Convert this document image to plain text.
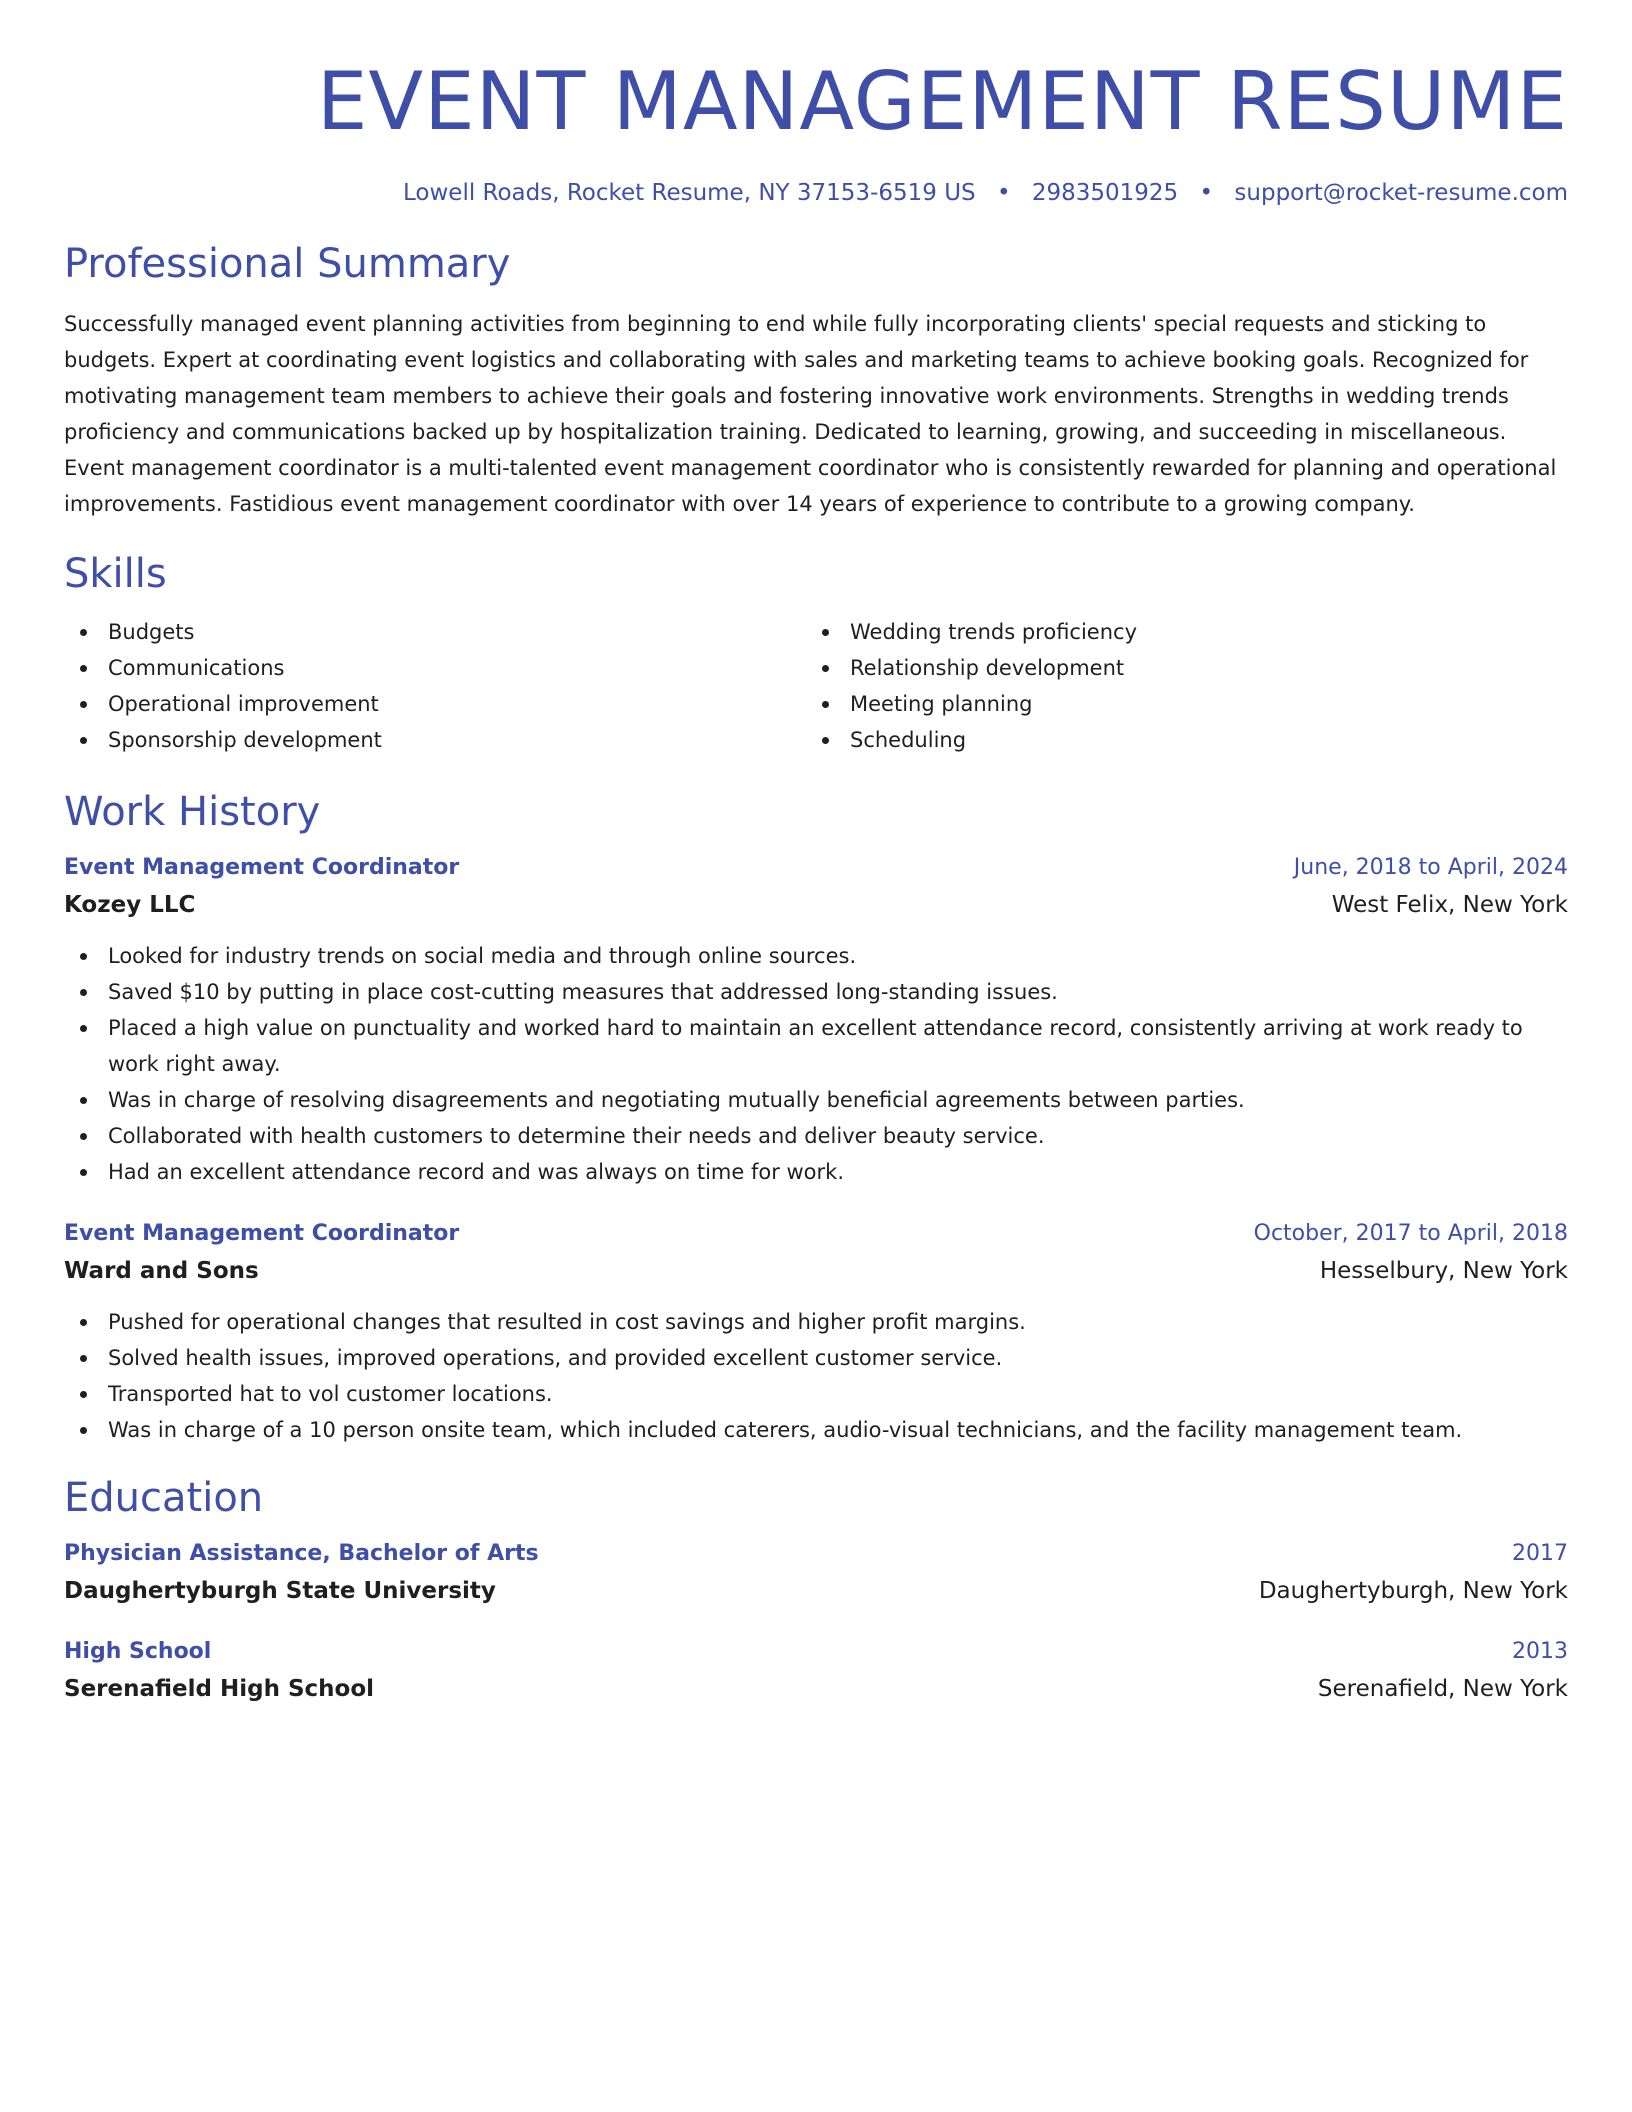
EVENT MANAGEMENT RESUME
Lowell Roads, Rocket Resume, NY 37153-6519 US • 2983501925 • support@rocket-resume.com
Professional Summary

Successfully managed event planning activities from beginning to end while fully incorporating clients' special requests and sticking to budgets. Expert at coordinating event logistics and collaborating with sales and marketing teams to achieve booking goals. Recognized for motivating management team members to achieve their goals and fostering innovative work environments. Strengths in wedding trends proficiency and communications backed up by hospitalization training. Dedicated to learning, growing, and succeeding in miscellaneous. Event management coordinator is a multi-talented event management coordinator who is consistently rewarded for planning and operational improvements. Fastidious event management coordinator with over 14 years of experience to contribute to a growing company.

Skills
Budgets
Communications
Operational improvement
Sponsorship development
Wedding trends proficiency
Relationship development
Meeting planning
Scheduling
Work History
Event Management Coordinator	June, 2018 to April, 2024
Kozey LLC	West Felix, New York
Looked for industry trends on social media and through online sources.
Saved $10 by putting in place cost-cutting measures that addressed long-standing issues.
Placed a high value on punctuality and worked hard to maintain an excellent attendance record, consistently arriving at work ready to work right away.
Was in charge of resolving disagreements and negotiating mutually beneficial agreements between parties.
Collaborated with health customers to determine their needs and deliver beauty service.
Had an excellent attendance record and was always on time for work.
Event Management Coordinator	October, 2017 to April, 2018
Ward and Sons	Hesselbury, New York
Pushed for operational changes that resulted in cost savings and higher profit margins.
Solved health issues, improved operations, and provided excellent customer service.
Transported hat to vol customer locations.
Was in charge of a 10 person onsite team, which included caterers, audio-visual technicians, and the facility management team.
Education
Physician Assistance, Bachelor of Arts	2017
Daughertyburgh State University	Daughertyburgh, New York
High School	2013
Serenafield High School	Serenafield, New York
